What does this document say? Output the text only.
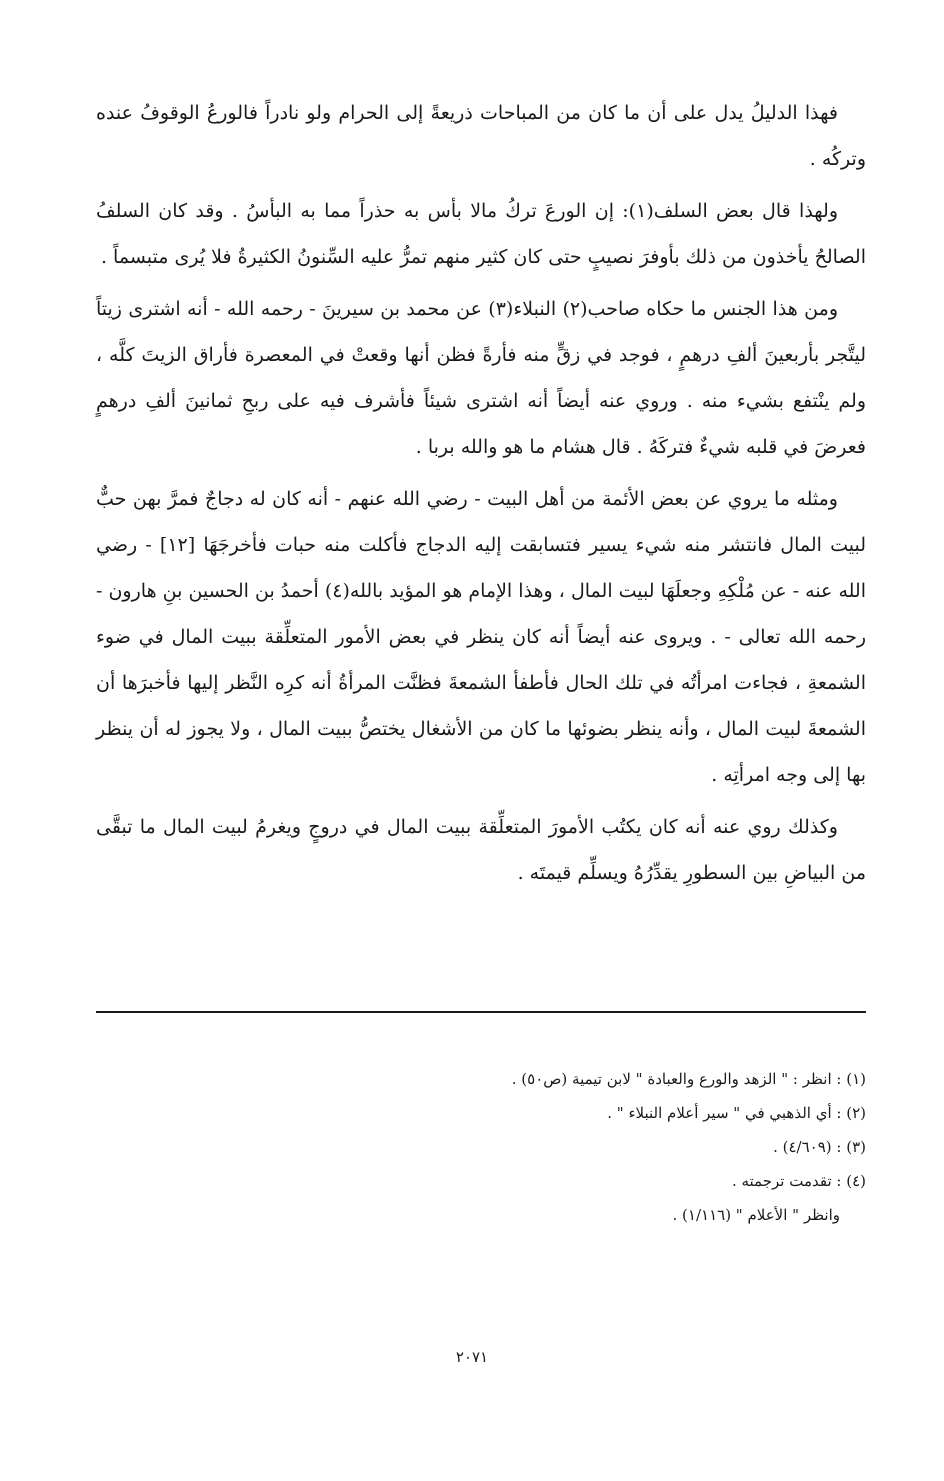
فهذا الدليلُ يدل على أن ما كان من المباحات ذريعةً إلى الحرام ولو نادراً فالورعُ الوقوفُ عنده وتركُه .

ولهذا قال بعض السلف(١): إن الورعَ تركُ مالا بأس به حذراً مما به البأسُ . وقد كان السلفُ الصالحُ يأخذون من ذلك بأوفرَ نصيبٍ حتى كان كثير منهم تمرُّ عليه السِّنونُ الكثيرةُ فلا يُرى متبسماً .

ومن هذا الجنس ما حكاه صاحب(٢) النبلاء(٣) عن محمد بن سيرينَ - رحمه الله - أنه اشترى زيتاً ليتَّجر بأربعينَ ألفِ درهمٍ ، فوجد في زقٍّ منه فأرةً فظن أنها وقعتْ في المعصرة فأراق الزيتَ كلَّه ، ولم ينْتفع بشيء منه . وروي عنه أيضاً أنه اشترى شيئاً فأشرف فيه على ربحِ ثمانينَ ألفِ درهمٍ فعرضَ في قلبه شيءٌ فتركَهُ . قال هشام ما هو والله بربا .

ومثله ما يروي عن بعض الأئمة من أهل البيت - رضي الله عنهم - أنه كان له دجاجٌ فمرَّ بهن حبٌّ لبيت المال فانتشر منه شيء يسير فتسابقت إليه الدجاج فأكلت منه حبات فأخرجَهَا [١٢] - رضي الله عنه - عن مُلْكِهِ وجعلَهَا لبيت المال ، وهذا الإمام هو المؤيد بالله(٤) أحمدُ بن الحسين بنِ هارون - رحمه الله تعالى - . ويروى عنه أيضاً أنه كان ينظر في بعض الأمور المتعلِّقة ببيت المال في ضوء الشمعةِ ، فجاءت امرأتُه في تلك الحال فأطفأ الشمعةَ فظنَّت المرأةُ أنه كرِه النَّظر إليها فأخبرَها أن الشمعةَ لبيت المال ، وأنه ينظر بضوئها ما كان من الأشغال يختصُّ ببيت المال ، ولا يجوز له أن ينظر بها إلى وجه امرأتِه .

وكذلك روي عنه أنه كان يكتُب الأمورَ المتعلِّقة ببيت المال في دروجٍ ويغرمُ لبيت المال ما تبقَّى من البياضِ بين السطورِ يقدِّرُهُ ويسلِّم قيمتَه .

(١) : انظر : " الزهد والورع والعبادة " لابن تيمية (ص٥٠) .

(٢) : أي الذهبي في " سير أعلام النبلاء " .

(٣) : (٤/٦٠٩) .

(٤) : تقدمت ترجمته .

وانظر " الأعلام " (١/١١٦) .

٢٠٧١
